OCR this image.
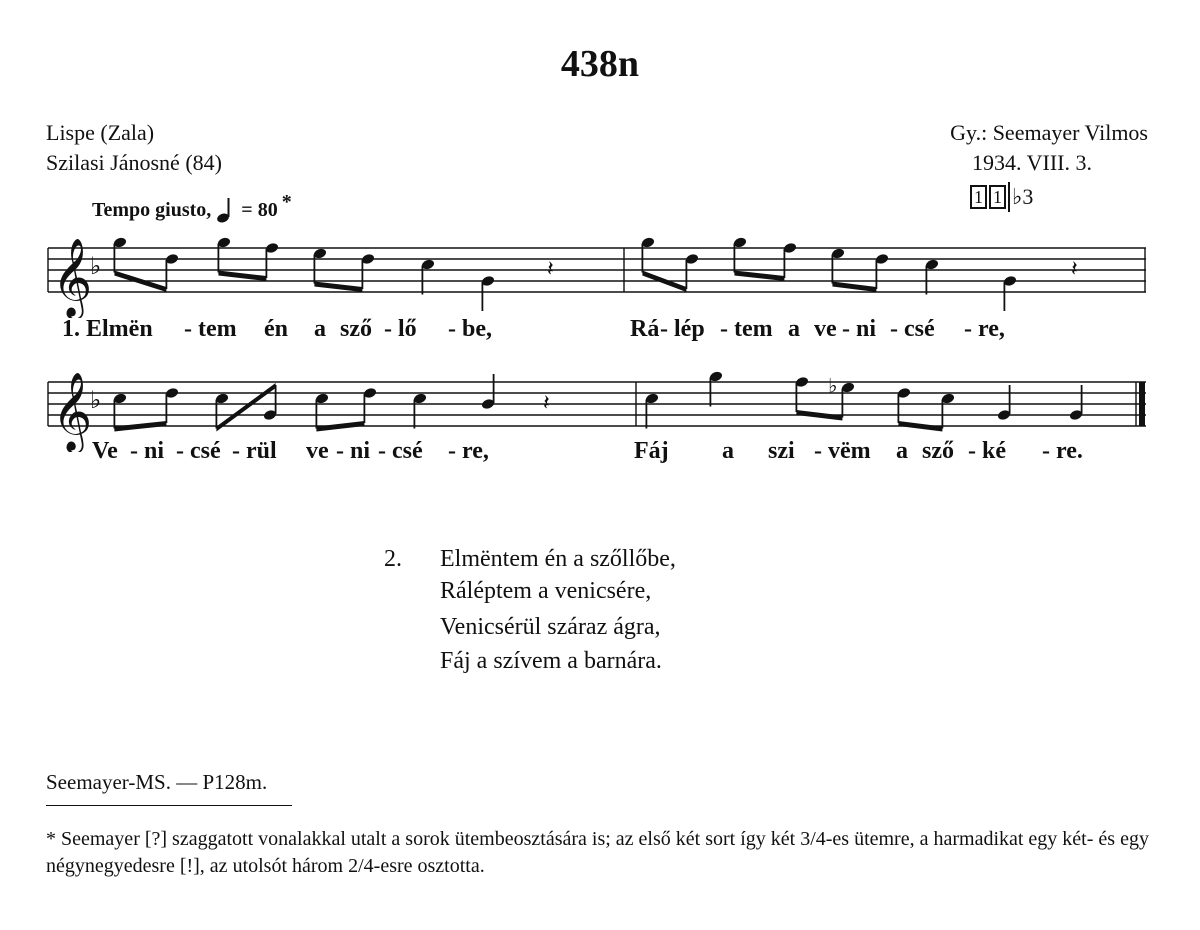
438n
Lispe (Zala)
Szilasi Jánosné (84)
Gy.: Seemayer Vilmos
1934. VIII. 3.
1 1 ♭ 3
Tempo giusto, = 80 *
𝄞
♭	𝄽	𝄽
𝄞
♭	𝄽
♭
1. Elmën - tem én a sző - lő - be,	Rá - lép - tem a ve - ni - csé - re,
Ve - ni - csé - rül ve - ni - csé - re,	Fáj a szi - vëm a sző - ké - re.
2. Elmëntem én a szőllőbe,
Ráléptem a venicsére,
Venicsérül száraz ágra,
Fáj a szívem a barnára.
Seemayer-MS. — P128m.
* Seemayer [?] szaggatott vonalakkal utalt a sorok ütembeosztására is; az első két sort így két 3/4-es ütemre, a harmadikat egy két- és egy négynegyedesre [!], az utolsót három 2/4-esre osztotta.
